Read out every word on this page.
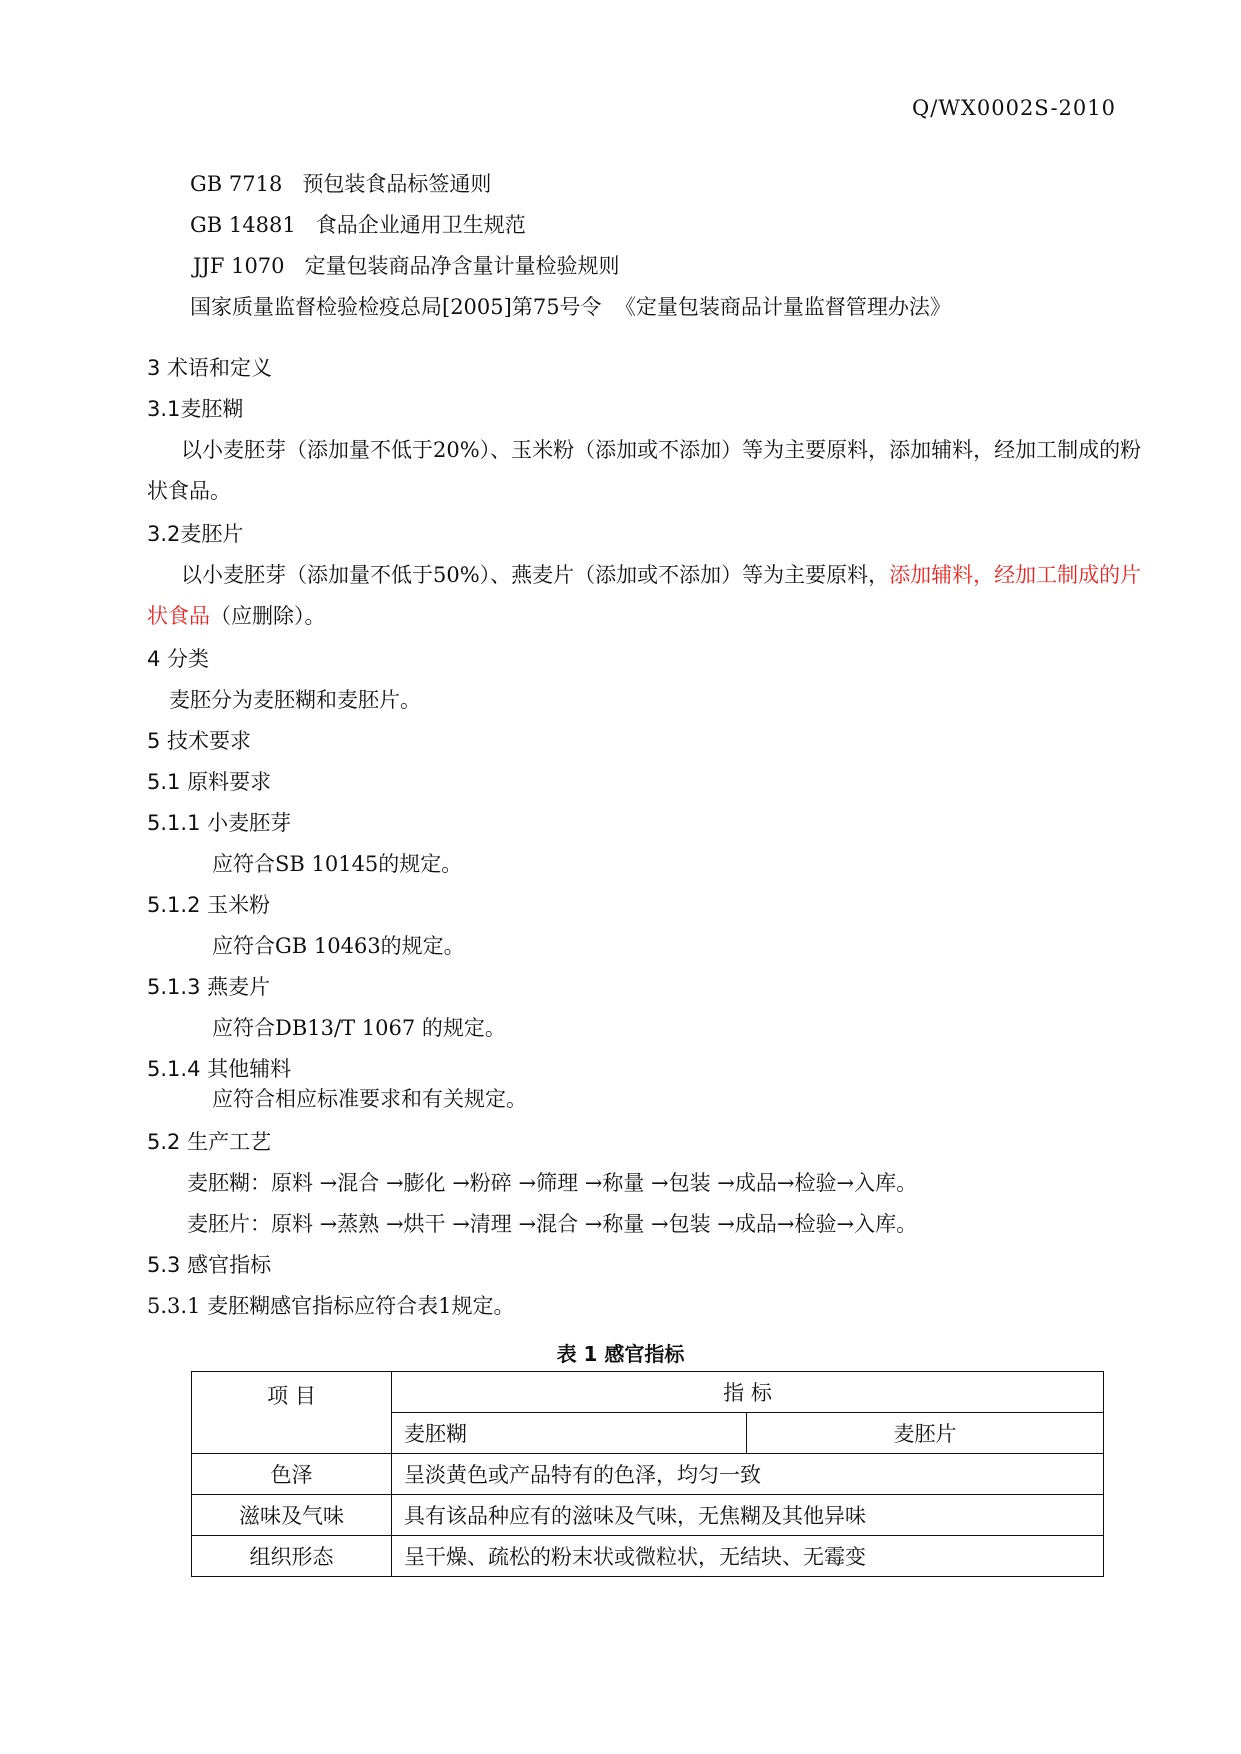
Q/WX0002S-2010
GB 7718 预包装食品标签通则
GB 14881 食品企业通用卫生规范
JJF 1070 定量包装商品净含量计量检验规则
国家质量监督检验检疫总局[2005]第75号令 《定量包装商品计量监督管理办法》
3 术语和定义
3.1麦胚糊
以小麦胚芽（添加量不低于20%）、玉米粉（添加或不添加）等为主要原料，添加辅料，经加工制成的粉状食品。
3.2麦胚片
以小麦胚芽（添加量不低于50%）、燕麦片（添加或不添加）等为主要原料，添加辅料，经加工制成的片状食品（应删除）。
4 分类
麦胚分为麦胚糊和麦胚片。
5 技术要求
5.1 原料要求
5.1.1 小麦胚芽
应符合SB 10145的规定。
5.1.2 玉米粉
应符合GB 10463的规定。
5.1.3 燕麦片
应符合DB13/T 1067 的规定。
5.1.4 其他辅料
应符合相应标准要求和有关规定。
5.2 生产工艺
麦胚糊：原料 →混合 →膨化 →粉碎 →筛理 →称量 →包装 →成品→检验→入库。
麦胚片：原料 →蒸熟 →烘干 →清理 →混合 →称量 →包装 →成品→检验→入库。
5.3 感官指标
5.3.1 麦胚糊感官指标应符合表1规定。
表 1 感官指标
项 目	指 标	
	麦胚糊	麦胚片
色泽	呈淡黄色或产品特有的色泽，均匀一致	
滋味及气味	具有该品种应有的滋味及气味，无焦糊及其他异味	
组织形态	呈干燥、疏松的粉末状或微粒状，无结块、无霉变	
